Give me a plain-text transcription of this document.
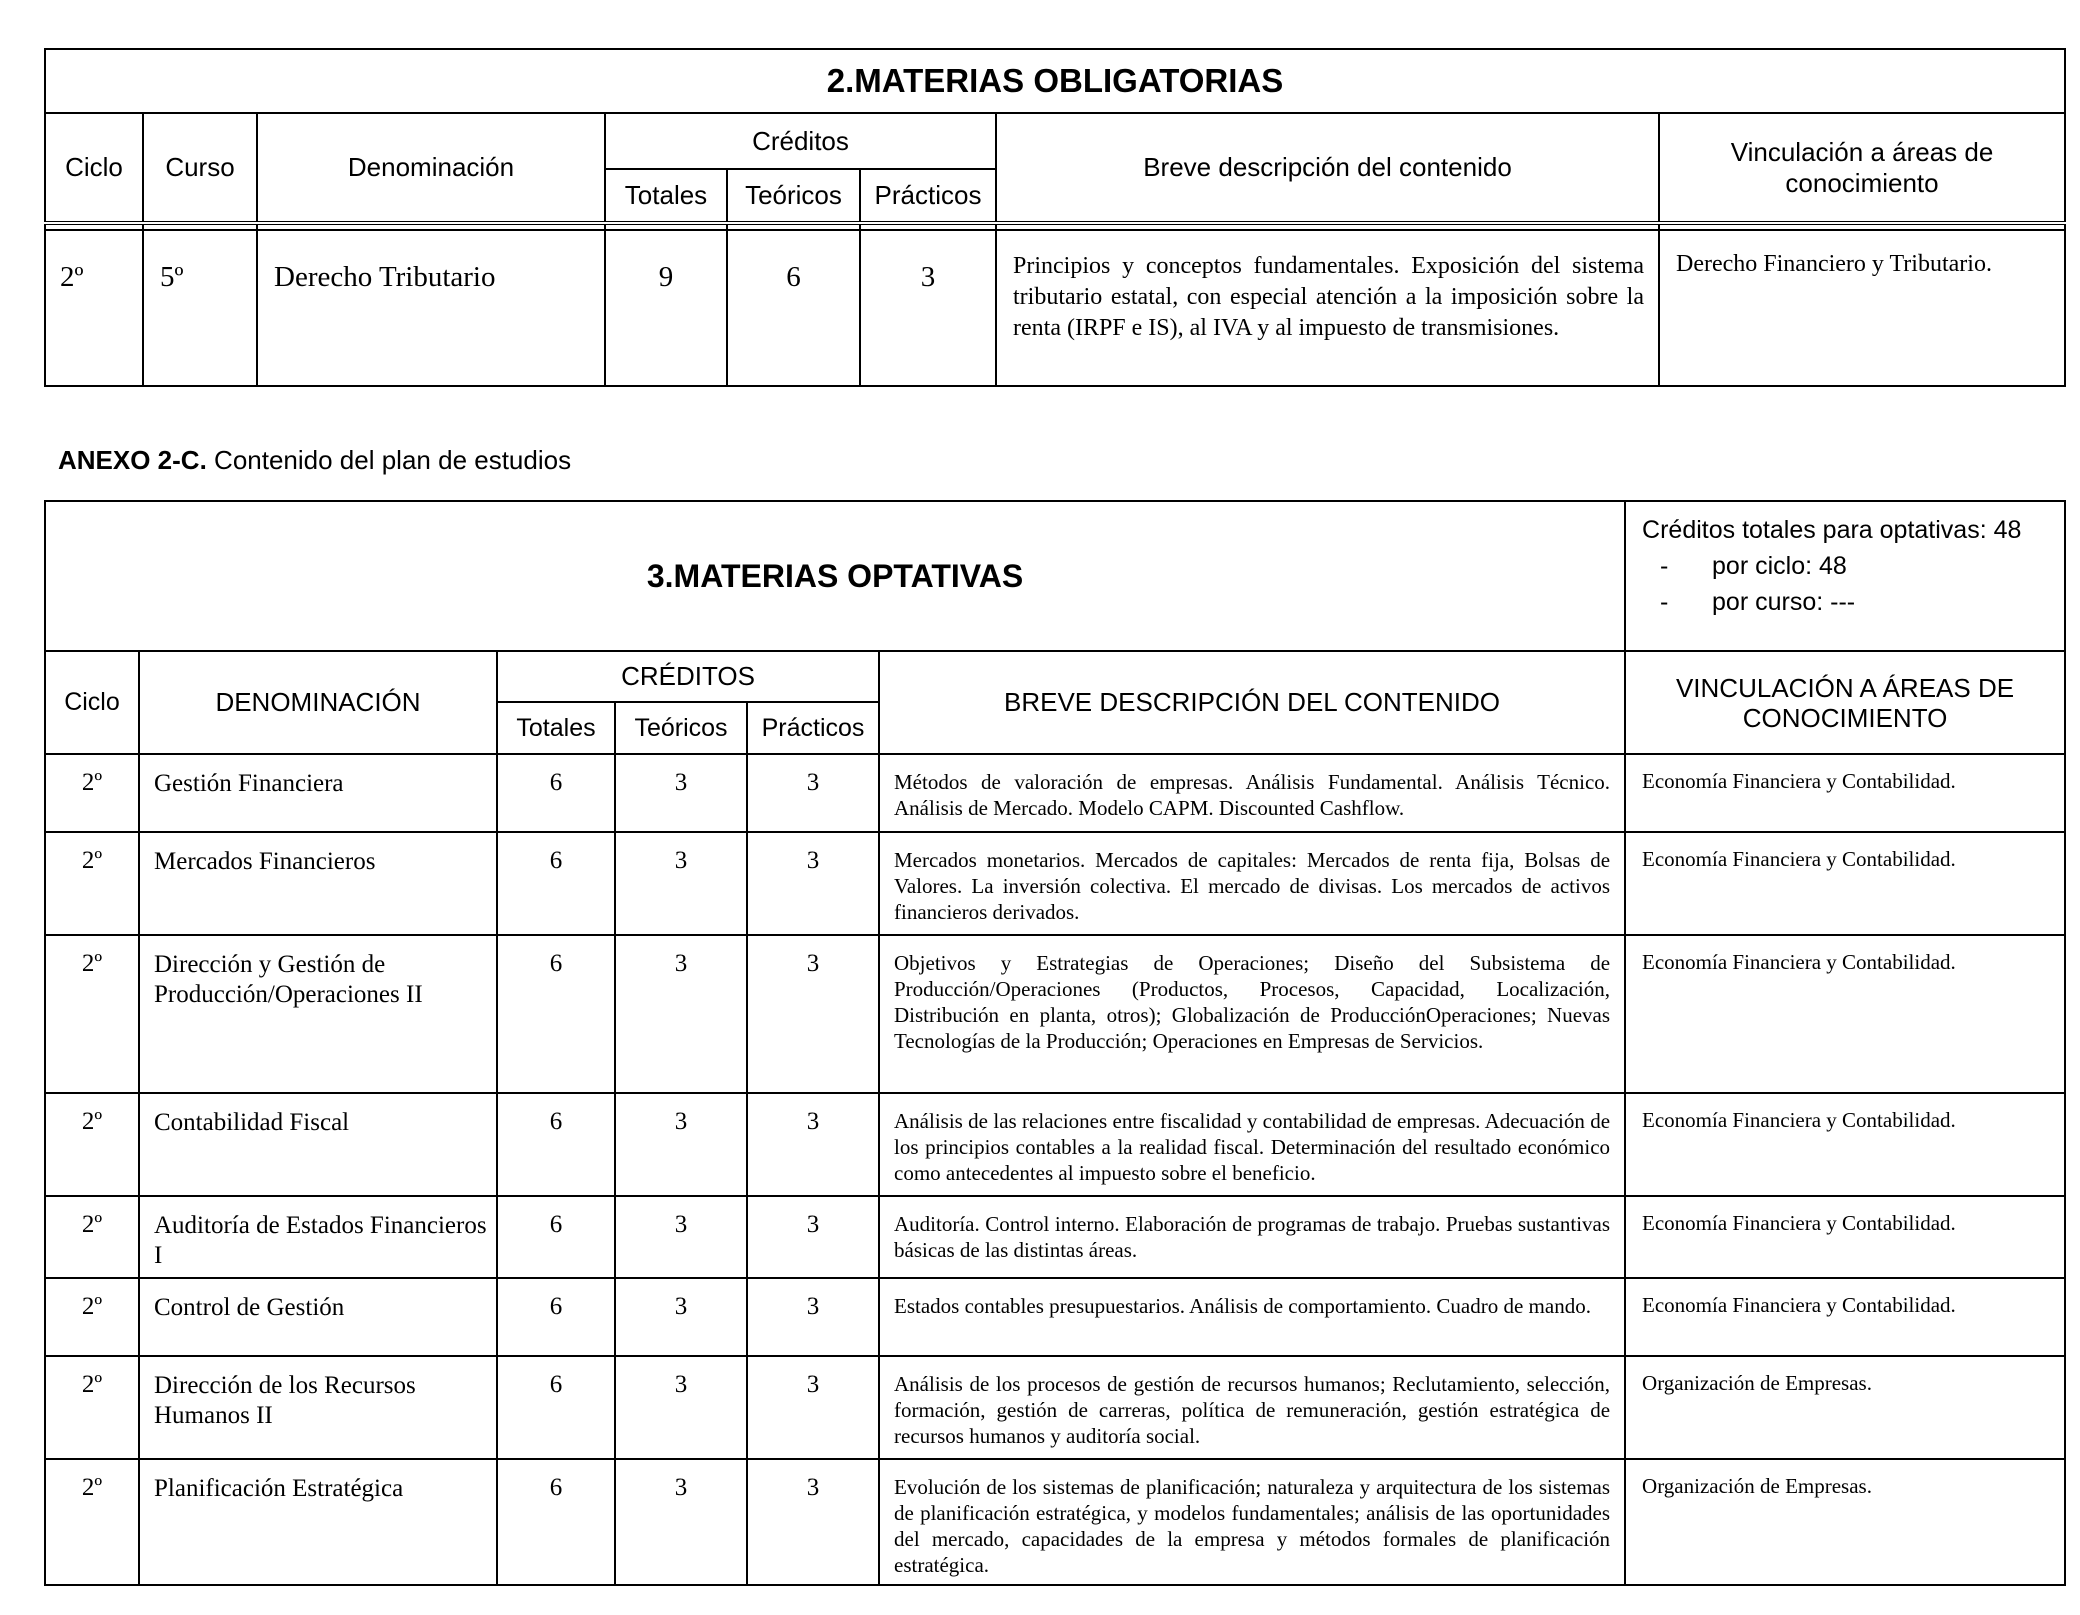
2.MATERIAS OBLIGATORIAS							
Ciclo	Curso	Denominación	Créditos			Breve descripción del contenido	Vinculación a áreas de conocimiento
			Totales	Teóricos	Prácticos		

2º	5º	Derecho Tributario	9	6	3	Principios y conceptos fundamentales. Exposición del sistema tributario estatal, con especial atención a la imposición sobre la renta (IRPF e IS), al IVA y al impuesto de transmisiones.	Derecho Financiero y Tributario.
ANEXO 2-C. Contenido del plan de estudios
3.MATERIAS OPTATIVAS						Créditos totales para optativas: 48
- por ciclo: 48
- por curso: ---

Ciclo	DENOMINACIÓN	CRÉDITOS			BREVE DESCRIPCIÓN DEL CONTENIDO	VINCULACIÓN A ÁREAS DE CONOCIMIENTO
		Totales	Teóricos	Prácticos		
2º	Gestión Financiera	6	3	3	Métodos de valoración de empresas. Análisis Fundamental. Análisis Técnico. Análisis de Mercado. Modelo CAPM. Discounted Cashflow.	Economía Financiera y Contabilidad.
2º	Mercados Financieros	6	3	3	Mercados monetarios. Mercados de capitales: Mercados de renta fija, Bolsas de Valores. La inversión colectiva. El mercado de divisas. Los mercados de activos financieros derivados.	Economía Financiera y Contabilidad.
2º	Dirección y Gestión de Producción/Operaciones II	6	3	3	Objetivos y Estrategias de Operaciones; Diseño del Subsistema de Producción/Operaciones (Productos, Procesos, Capacidad, Localización, Distribución en planta, otros); Globalización de ProducciónOperaciones; Nuevas Tecnologías de la Producción; Operaciones en Empresas de Servicios.	Economía Financiera y Contabilidad.
2º	Contabilidad Fiscal	6	3	3	Análisis de las relaciones entre fiscalidad y contabilidad de empresas. Adecuación de los principios contables a la realidad fiscal. Determinación del resultado económico como antecedentes al impuesto sobre el beneficio.	Economía Financiera y Contabilidad.
2º	Auditoría de Estados Financieros I	6	3	3	Auditoría. Control interno. Elaboración de programas de trabajo. Pruebas sustantivas básicas de las distintas áreas.	Economía Financiera y Contabilidad.
2º	Control de Gestión	6	3	3	Estados contables presupuestarios. Análisis de comportamiento. Cuadro de mando.	Economía Financiera y Contabilidad.
2º	Dirección de los Recursos Humanos II	6	3	3	Análisis de los procesos de gestión de recursos humanos; Reclutamiento, selección, formación, gestión de carreras, política de remuneración, gestión estratégica de recursos humanos y auditoría social.	Organización de Empresas.
2º	Planificación Estratégica	6	3	3	Evolución de los sistemas de planificación; naturaleza y arquitectura de los sistemas de planificación estratégica, y modelos fundamentales; análisis de las oportunidades del mercado, capacidades de la empresa y métodos formales de planificación estratégica.	Organización de Empresas.
